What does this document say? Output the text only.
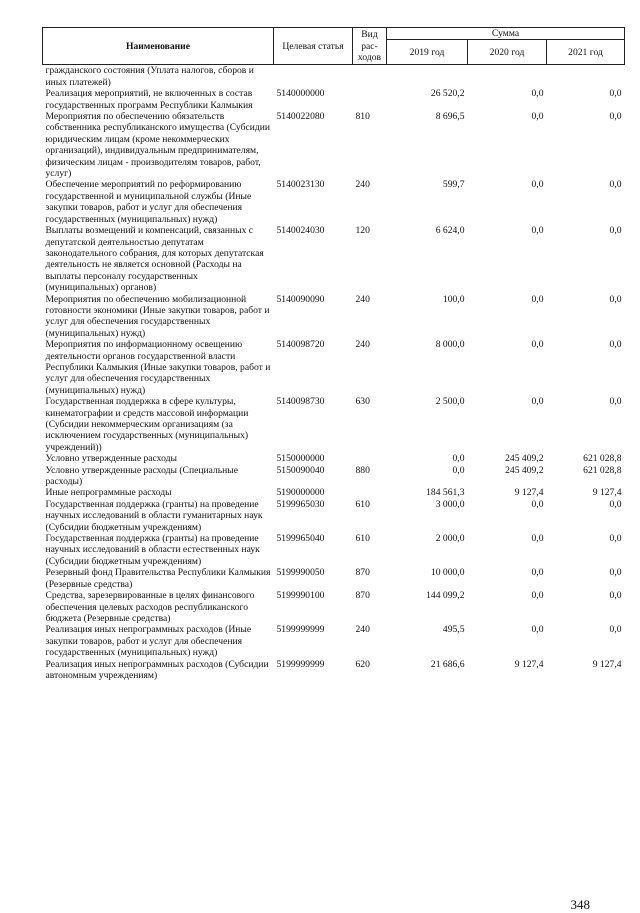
Наименование	Целевая статья	Вид рас-ходов	Сумма		
			2019 год	2020 год	2021 год
гражданского состояния (Уплата налогов, сборов и иных платежей)					
Реализация мероприятий, не включенных в состав государственных программ Республики Калмыкия	5140000000		26 520,2	0,0	0,0
Мероприятия по обеспечению обязательств собственника республиканского имущества (Субсидии юридическим лицам (кроме некоммерческих организаций), индивидуальным предпринимателям, физическим лицам - производителям товаров, работ, услуг)	5140022080	810	8 696,5	0,0	0,0
Обеспечение мероприятий по реформированию государственной и муниципальной службы (Иные закупки товаров, работ и услуг для обеспечения государственных (муниципальных) нужд)	5140023130	240	599,7	0,0	0,0
Выплаты возмещений и компенсаций, связанных с депутатской деятельностью депутатам законодательного собрания, для которых депутатская деятельность не является основной (Расходы на выплаты персоналу государственных (муниципальных) органов)	5140024030	120	6 624,0	0,0	0,0
Мероприятия по обеспечению мобилизационной готовности экономики (Иные закупки товаров, работ и услуг для обеспечения государственных (муниципальных) нужд)	5140090090	240	100,0	0,0	0,0
Мероприятия по информационному освещению деятельности органов государственной власти Республики Калмыкия (Иные закупки товаров, работ и услуг для обеспечения государственных (муниципальных) нужд)	5140098720	240	8 000,0	0,0	0,0
Государственная поддержка в сфере культуры, кинематографии и средств массовой информации (Субсидии некоммерческим организациям (за исключением государственных (муниципальных) учреждений))	5140098730	630	2 500,0	0,0	0,0
Условно утвержденные расходы	5150000000		0,0	245 409,2	621 028,8
Условно утвержденные расходы (Специальные расходы)	5150090040	880	0,0	245 409,2	621 028,8
Иные непрограммные расходы	5190000000		184 561,3	9 127,4	9 127,4
Государственная поддержка (гранты) на проведение научных исследований в области гуманитарных наук (Субсидии бюджетным учреждениям)	5199965030	610	3 000,0	0,0	0,0
Государственная поддержка (гранты) на проведение научных исследований в области естественных наук (Субсидии бюджетным учреждениям)	5199965040	610	2 000,0	0,0	0,0
Резервный фонд Правительства Республики Калмыкия (Резервные средства)	5199990050	870	10 000,0	0,0	0,0
Средства, зарезервированные в целях финансового обеспечения целевых расходов республиканского бюджета (Резервные средства)	5199990100	870	144 099,2	0,0	0,0
Реализация иных непрограммных расходов (Иные закупки товаров, работ и услуг для обеспечения государственных (муниципальных) нужд)	5199999999	240	495,5	0,0	0,0
Реализация иных непрограммных расходов (Субсидии автономным учреждениям)	5199999999	620	21 686,6	9 127,4	9 127,4
348
